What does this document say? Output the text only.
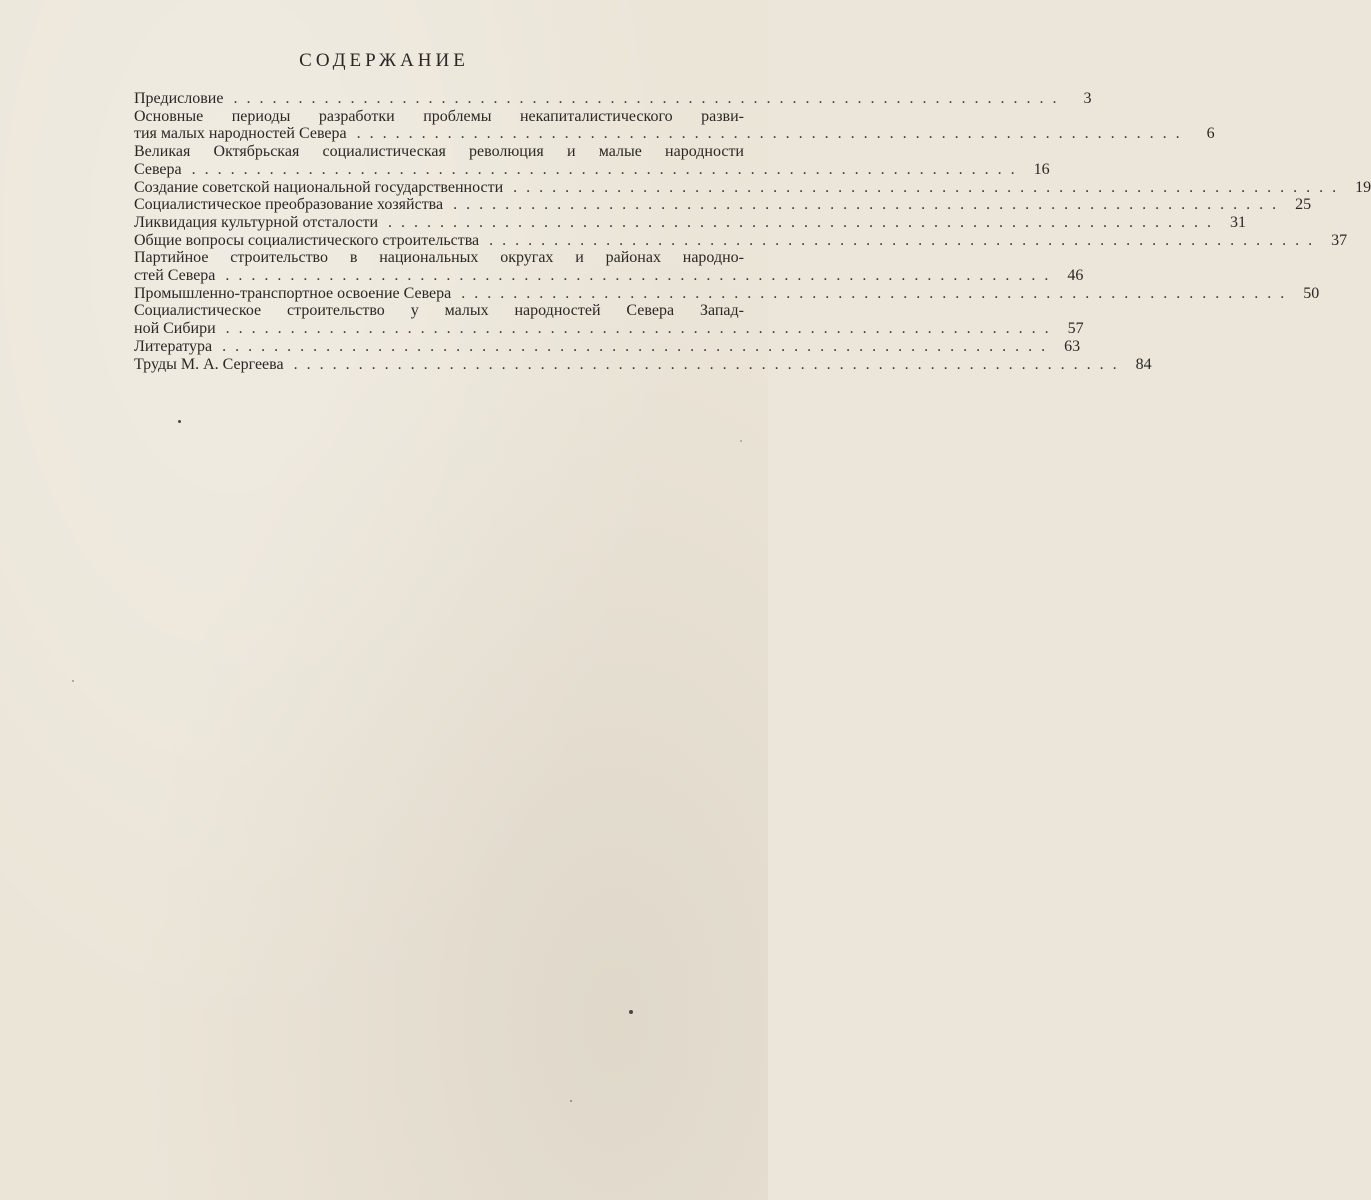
СОДЕРЖАНИЕ
Предисловие ................................................................	3
Основные периоды разработки проблемы некапиталистического разви-
тия малых народностей Севера ................................................................	6
Великая Октябрьская социалистическая революция и малые народности
Севера ................................................................ 16
Создание советской национальной государственности ................................................................ 19
Социалистическое преобразование хозяйства ................................................................ 25
Ликвидация культурной отсталости ................................................................ 31
Общие вопросы социалистического строительства ................................................................ 37
Партийное строительство в национальных округах и районах народно-
стей Севера ................................................................ 46
Промышленно-транспортное освоение Севера ................................................................ 50
Социалистическое строительство у малых народностей Севера Запад-
ной Сибири ................................................................ 57
Литература ................................................................ 63
Труды М. А. Сергеева ................................................................ 84
